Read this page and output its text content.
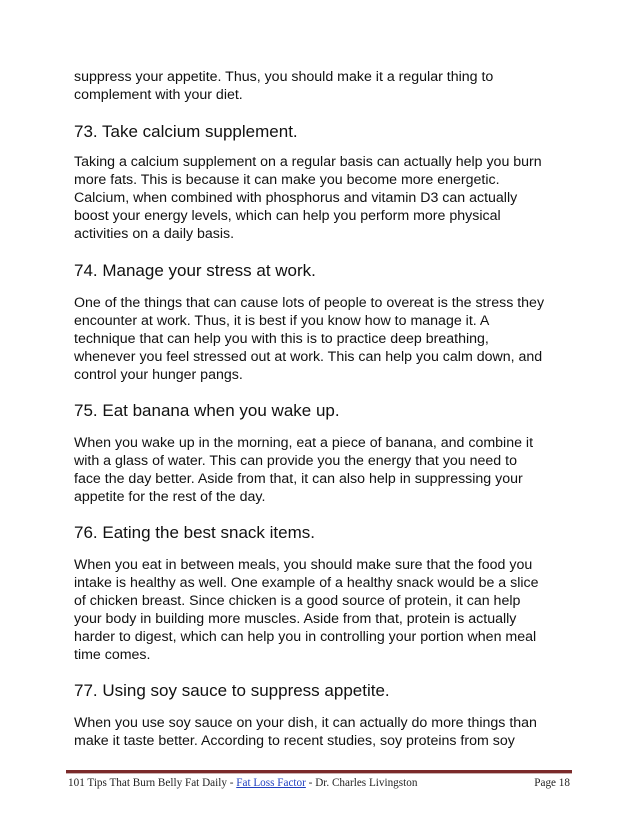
suppress your appetite. Thus, you should make it a regular thing to
complement with your diet.

73. Take calcium supplement.

Taking a calcium supplement on a regular basis can actually help you burn
more fats. This is because it can make you become more energetic.
Calcium, when combined with phosphorus and vitamin D3 can actually
boost your energy levels, which can help you perform more physical
activities on a daily basis.

74. Manage your stress at work.

One of the things that can cause lots of people to overeat is the stress they
encounter at work. Thus, it is best if you know how to manage it. A
technique that can help you with this is to practice deep breathing,
whenever you feel stressed out at work. This can help you calm down, and
control your hunger pangs.

75. Eat banana when you wake up.

When you wake up in the morning, eat a piece of banana, and combine it
with a glass of water. This can provide you the energy that you need to
face the day better. Aside from that, it can also help in suppressing your
appetite for the rest of the day.

76. Eating the best snack items.

When you eat in between meals, you should make sure that the food you
intake is healthy as well. One example of a healthy snack would be a slice
of chicken breast. Since chicken is a good source of protein, it can help
your body in building more muscles. Aside from that, protein is actually
harder to digest, which can help you in controlling your portion when meal
time comes.

77. Using soy sauce to suppress appetite.

When you use soy sauce on your dish, it can actually do more things than
make it taste better. According to recent studies, soy proteins from soy

101 Tips That Burn Belly Fat Daily - Fat Loss Factor - Dr. Charles Livingston	Page 18
